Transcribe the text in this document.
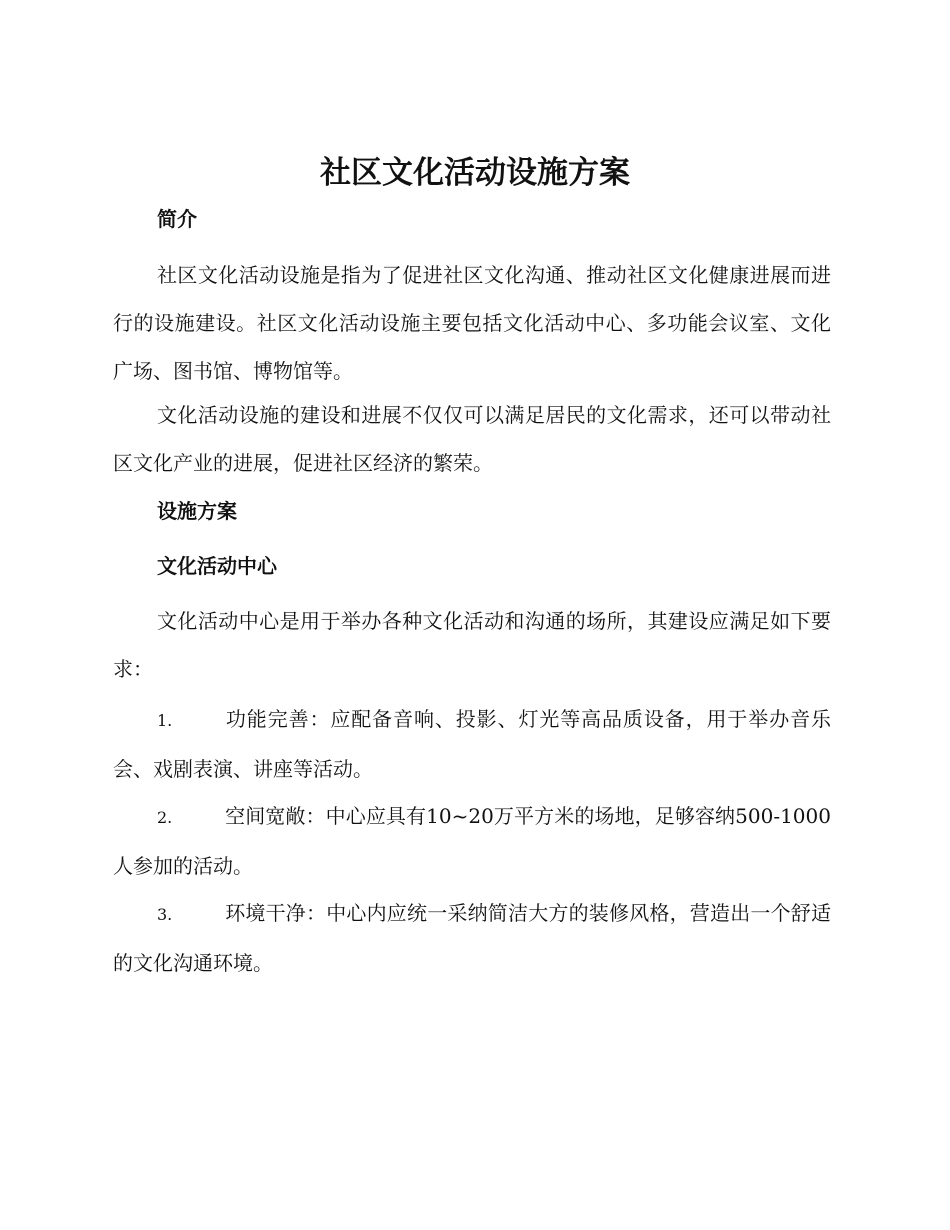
社区文化活动设施方案
简介

社区文化活动设施是指为了促进社区文化沟通、推动社区文化健康进展而进行的设施建设。社区文化活动设施主要包括文化活动中心、多功能会议室、文化广场、图书馆、博物馆等。

文化活动设施的建设和进展不仅仅可以满足居民的文化需求，还可以带动社区文化产业的进展，促进社区经济的繁荣。

设施方案
文化活动中心

文化活动中心是用于举办各种文化活动和沟通的场所，其建设应满足如下要求：

1.	功能完善：应配备音响、投影、灯光等高品质设备，用于举办音乐会、戏剧表演、讲座等活动。

2.	空间宽敞：中心应具有10~20万平方米的场地，足够容纳500-1000人参加的活动。

3.	环境干净：中心内应统一采纳简洁大方的装修风格，营造出一个舒适的文化沟通环境。
